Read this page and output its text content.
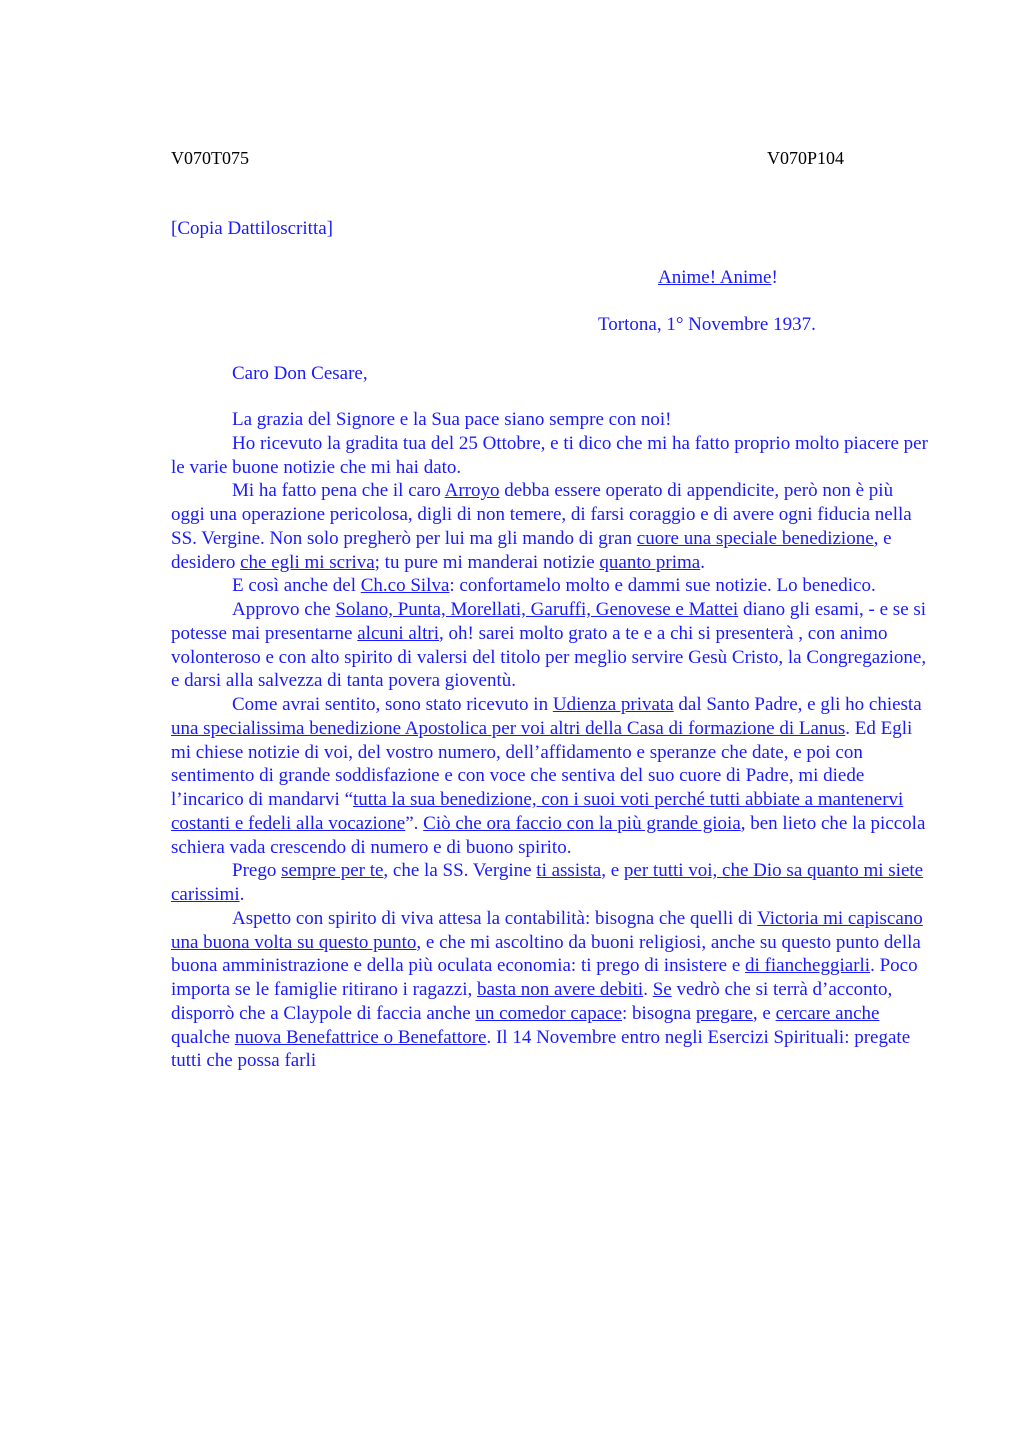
V070T075	V070P104
[Copia Dattiloscritta]
Anime! Anime!
Tortona, 1° Novembre 1937.
Caro Don Cesare,

La grazia del Signore e la Sua pace siano sempre con noi!

Ho ricevuto la gradita tua del 25 Ottobre, e ti dico che mi ha fatto proprio molto piacere per le varie buone notizie che mi hai dato.

Mi ha fatto pena che il caro Arroyo debba essere operato di appendicite, però non è più oggi una operazione pericolosa, digli di non temere, di farsi coraggio e di avere ogni fiducia nella SS. Vergine. Non solo pregherò per lui ma gli mando di gran cuore una speciale benedizione, e desidero che egli mi scriva; tu pure mi manderai notizie quanto prima.

E così anche del Ch.co Silva: confortamelo molto e dammi sue notizie. Lo benedico.

Approvo che Solano, Punta, Morellati, Garuffi, Genovese e Mattei diano gli esami, - e se si potesse mai presentarne alcuni altri, oh! sarei molto grato a te e a chi si presenterà , con animo volonteroso e con alto spirito di valersi del titolo per meglio servire Gesù Cristo, la Congregazione, e darsi alla salvezza di tanta povera gioventù.

Come avrai sentito, sono stato ricevuto in Udienza privata dal Santo Padre, e gli ho chiesta una specialissima benedizione Apostolica per voi altri della Casa di formazione di Lanus. Ed Egli mi chiese notizie di voi, del vostro numero, dell’affidamento e speranze che date, e poi con sentimento di grande soddisfazione e con voce che sentiva del suo cuore di Padre, mi diede l’incarico di mandarvi “tutta la sua benedizione, con i suoi voti perché tutti abbiate a mantenervi costanti e fedeli alla vocazione”. Ciò che ora faccio con la più grande gioia, ben lieto che la piccola schiera vada crescendo di numero e di buono spirito.

Prego sempre per te, che la SS. Vergine ti assista, e per tutti voi, che Dio sa quanto mi siete carissimi.

Aspetto con spirito di viva attesa la contabilità: bisogna che quelli di Victoria mi capiscano una buona volta su questo punto, e che mi ascoltino da buoni religiosi, anche su questo punto della buona amministrazione e della più oculata economia: ti prego di insistere e di fiancheggiarli. Poco importa se le famiglie ritirano i ragazzi, basta non avere debiti. Se vedrò che si terrà d’acconto, disporrò che a Claypole di faccia anche un comedor capace: bisogna pregare, e cercare anche qualche nuova Benefattrice o Benefattore. Il 14 Novembre entro negli Esercizi Spirituali: pregate tutti che possa farli
